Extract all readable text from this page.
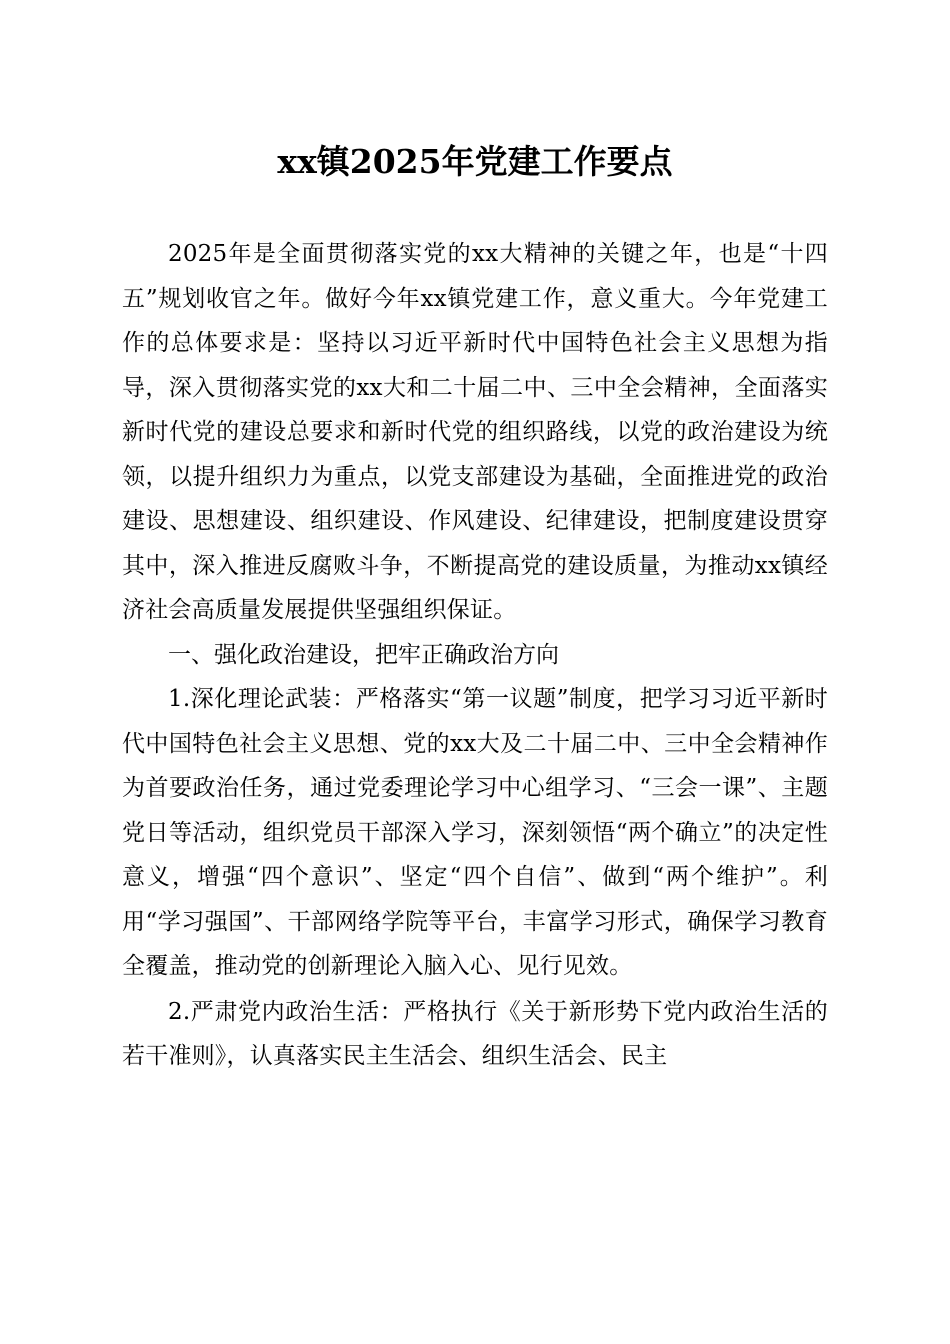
xx镇2025年党建工作要点

2025年是全面贯彻落实党的xx大精神的关键之年，也是“十四五”规划收官之年。做好今年xx镇党建工作，意义重大。今年党建工作的总体要求是：坚持以习近平新时代中国特色社会主义思想为指导，深入贯彻落实党的xx大和二十届二中、三中全会精神，全面落实新时代党的建设总要求和新时代党的组织路线，以党的政治建设为统领，以提升组织力为重点，以党支部建设为基础，全面推进党的政治建设、思想建设、组织建设、作风建设、纪律建设，把制度建设贯穿其中，深入推进反腐败斗争，不断提高党的建设质量，为推动xx镇经济社会高质量发展提供坚强组织保证。

一、强化政治建设，把牢正确政治方向

1.深化理论武装：严格落实“第一议题”制度，把学习习近平新时代中国特色社会主义思想、党的xx大及二十届二中、三中全会精神作为首要政治任务，通过党委理论学习中心组学习、“三会一课”、主题党日等活动，组织党员干部深入学习，深刻领悟“两个确立”的决定性意义，增强“四个意识”、坚定“四个自信”、做到“两个维护”。利用“学习强国”、干部网络学院等平台，丰富学习形式，确保学习教育全覆盖，推动党的创新理论入脑入心、见行见效。

2.严肃党内政治生活：严格执行《关于新形势下党内政治生活的若干准则》，认真落实民主生活会、组织生活会、民主
